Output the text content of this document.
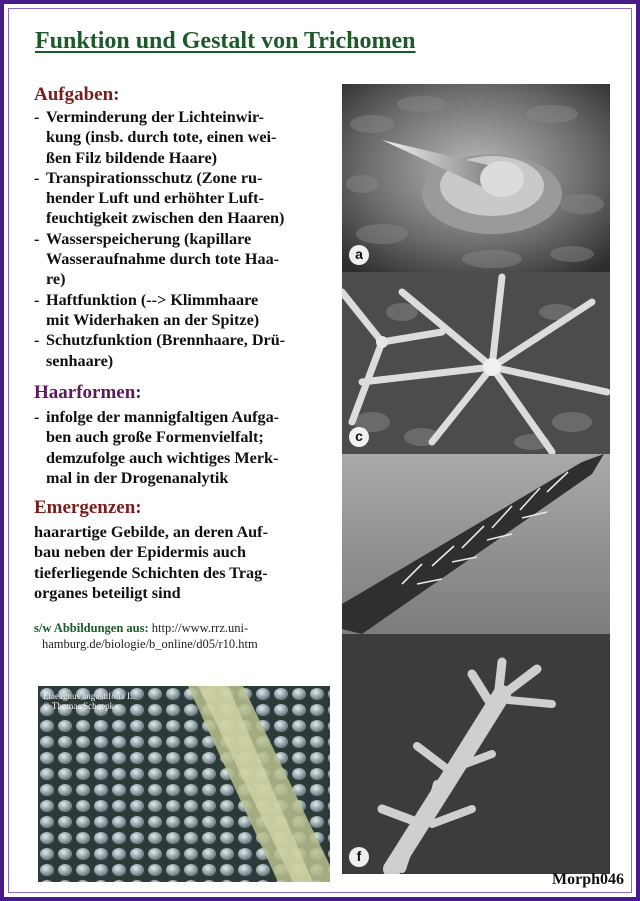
Funktion und Gestalt von Trichomen
Aufgaben:
- Verminderung der Lichteinwir-
kung (insb. durch tote, einen wei-
ßen Filz bildende Haare)
- Transpirationsschutz (Zone ru-
hender Luft und erhöhter Luft-
feuchtigkeit zwischen den Haaren)
- Wasserspeicherung (kapillare
Wasseraufnahme durch tote Haa-
re)
- Haftfunktion (--> Klimmhaare
mit Widerhaken an der Spitze)
- Schutzfunktion (Brennhaare, Drü-
senhaare)
Haarformen:
- infolge der mannigfaltigen Aufga-
ben auch große Formenvielfalt;
demzufolge auch wichtiges Merk-
mal in der Drogenanalytik
Emergenzen:
haarartige Gebilde, an deren Auf-
bau neben der Epidermis auch
tieferliegende Schichten des Trag-
organes beteiligt sind
s/w Abbildungen aus: http://www.rrz.uni-
hamburg.de/biologie/b_online/d05/r10.htm
a
c
f
Elaeagnus angustifolia L.
© Thomas Schoepke
Morph046
